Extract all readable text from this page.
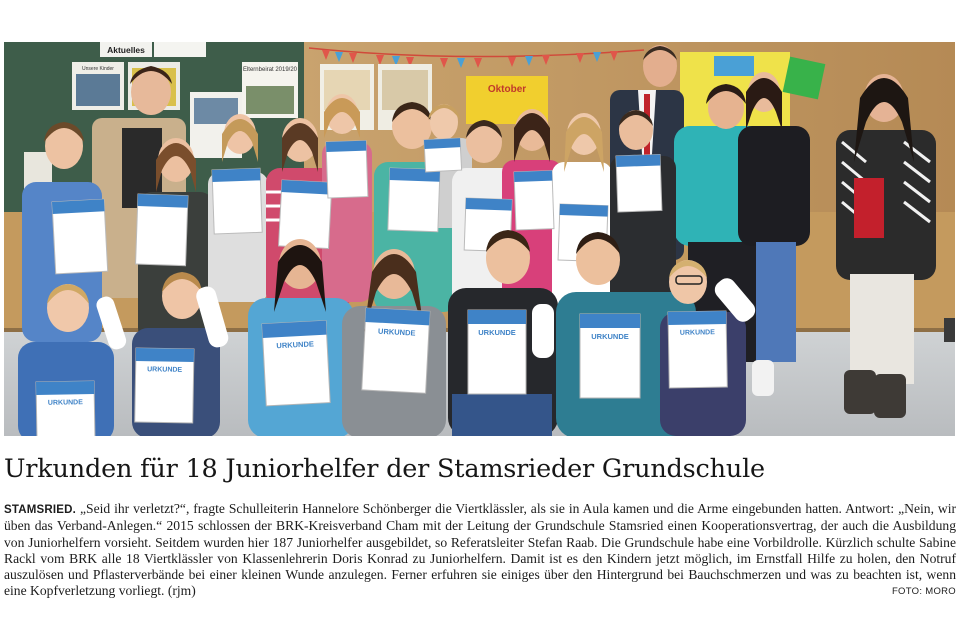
Aktuelles
Unsere Kinder	Elternbeirat 2019/20
Oktober
URKUNDE
URKUNDE
URKUNDE
URKUNDE	URKUNDE	URKUNDE	URKUNDE
Urkunden für 18 Juniorhelfer der Stamsrieder Grundschule

STAMSRIED. „Seid ihr verletzt?“, fragte Schulleiterin Hannelore Schönberger die Viertklässler, als sie in Aula kamen und die Arme eingebunden hatten. Antwort: „Nein, wir üben das Verband-Anlegen.“ 2015 schlossen der BRK-Kreisverband Cham mit der Leitung der Grundschule Stamsried einen Kooperationsvertrag, der auch die Ausbildung von Juniorhelfern vorsieht. Seitdem wurden hier 187 Juniorhelfer ausgebildet, so Referatsleiter Stefan Raab. Die Grundschule habe eine Vorbildrolle. Kürzlich schulte Sabine Rackl vom BRK alle 18 Viertklässler von Klassenlehrerin Doris Konrad zu Juniorhelfern. Damit ist es den Kindern jetzt möglich, im Ernstfall Hilfe zu holen, den Notruf auszulösen und Pflasterverbände bei einer kleinen Wunde anzulegen. Ferner erfuhren sie einiges über den Hintergrund bei Bauchschmerzen und was zu beachten ist, wenn eine Kopfverletzung vorliegt. (rjm)	FOTO: MORO
